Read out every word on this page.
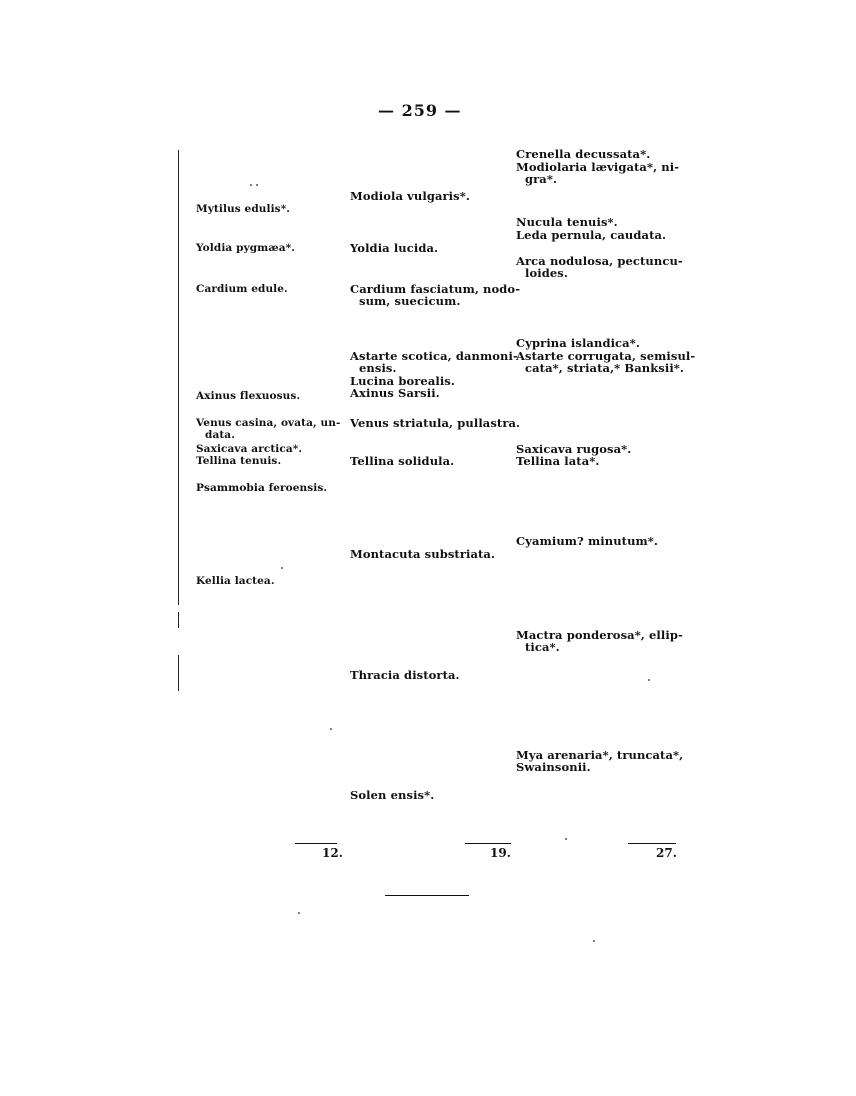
— 259 —
Mytilus edulis*.
Yoldia pygmæa*.
Cardium edule.
Axinus flexuosus.
Venus casina, ovata, un-
data.
Saxicava arctica*.
Tellina tenuis.
Psammobia feroensis.
Kellia lactea.
Modiola vulgaris*.
Yoldia lucida.
Cardium fasciatum, nodo-
sum, suecicum.
Astarte scotica, danmoni-
ensis.
Lucina borealis.
Axinus Sarsii.
Venus striatula, pullastra.
Tellina solidula.
Montacuta substriata.
Thracia distorta.
Solen ensis*.
Crenella decussata*.
Modiolaria lævigata*, ni-
gra*.
Nucula tenuis*.
Leda pernula, caudata.
Arca nodulosa, pectuncu-
loides.
Cyprina islandica*.
Astarte corrugata, semisul-
cata*, striata,* Banksii*.
Saxicava rugosa*.
Tellina lata*.
Cyamium? minutum*.
Mactra ponderosa*, ellip-
tica*.
Mya arenaria*, truncata*,
Swainsonii.
12.	19.	27.
